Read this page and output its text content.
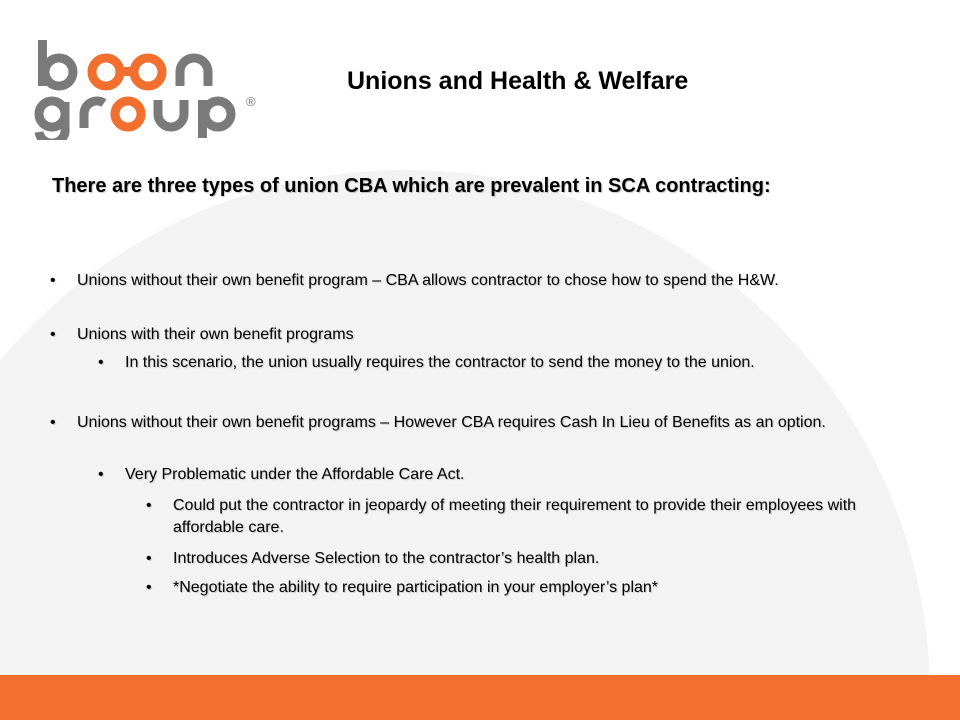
®
Unions and Health & Welfare
There are three types of union CBA which are prevalent in SCA contracting:
• Unions without their own benefit program – CBA allows contractor to chose how to spend the H&W.
• Unions with their own benefit programs
• In this scenario, the union usually requires the contractor to send the money to the union.
• Unions without their own benefit programs – However CBA requires Cash In Lieu of Benefits as an option.
• Very Problematic under the Affordable Care Act.
• Could put the contractor in jeopardy of meeting their requirement to provide their employees with affordable care.
• Introduces Adverse Selection to the contractor’s health plan.
• *Negotiate the ability to require participation in your employer’s plan*
